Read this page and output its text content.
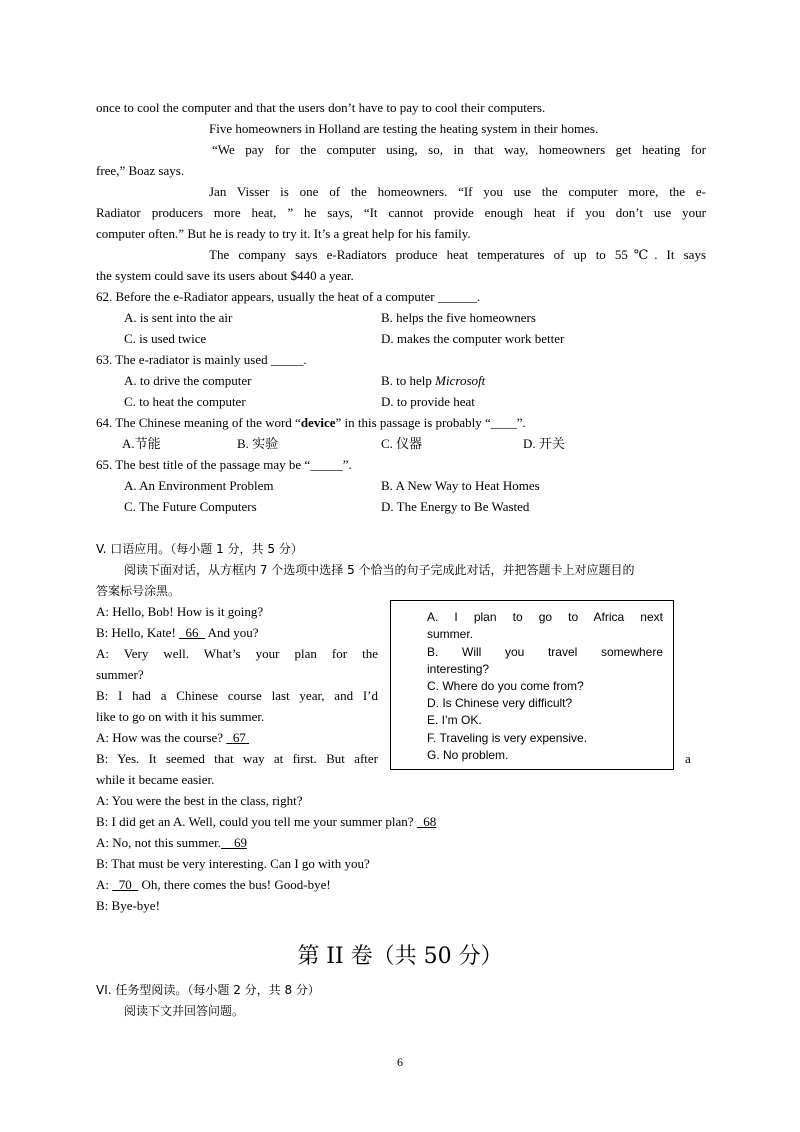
once to cool the computer and that the users don’t have to pay to cool their computers.
Five homeowners in Holland are testing the heating system in their homes.
“We pay for the computer using, so, in that way, homeowners get heating for
free,” Boaz says.
Jan Visser is one of the homeowners. “If you use the computer more, the e-
Radiator producers more heat, ” he says, “It cannot provide enough heat if you don’t use your
computer often.” But he is ready to try it. It’s a great help for his family.
The company says e-Radiators produce heat temperatures of up to 55℃. It says
the system could save its users about $440 a year.
62. Before the e-Radiator appears, usually the heat of a computer ______.
A. is sent into the air	B. helps the five homeowners
C. is used twice	D. makes the computer work better
63. The e-radiator is mainly used _____.
A. to drive the computer	B. to help Microsoft
C. to heat the computer	D. to provide heat
64. The Chinese meaning of the word “device” in this passage is probably “____”.
A.节能	B. 实验	C. 仪器	D. 开关
65. The best title of the passage may be “_____”.
A. An Environment Problem	B. A New Way to Heat Homes
C. The Future Computers	D. The Energy to Be Wasted
V. 口语应用。（每小题 1 分，共 5 分）
阅读下面对话，从方框内 7 个选项中选择 5 个恰当的句子完成此对话，并把答题卡上对应题目的
答案标号涂黑。
A: Hello, Bob! How is it going?
B: Hello, Kate!   66   And you?
A: Very well. What’s your plan for the
summer?
B: I had a Chinese course last year, and I’d
like to go on with it his summer.
A: How was the course?   67
B: Yes. It seemed that way at first. But after	a
while it became easier.
A: You were the best in the class, right?
B: I did get an A. Well, could you tell me your summer plan?   68
A: No, not this summer. 69
B: That must be very interesting. Can I go with you?
A:   70   Oh, there comes the bus! Good-bye!
B: Bye-bye!
A. I plan to go to Africa next
summer.
B. Will you travel somewhere
interesting?
C. Where do you come from?
D. Is Chinese very difficult?
E. I’m OK.
F. Traveling is very expensive.
G. No problem.
第 II 卷（共 50 分）
VI. 任务型阅读。（每小题 2 分，共 8 分）
阅读下文并回答问题。
6
